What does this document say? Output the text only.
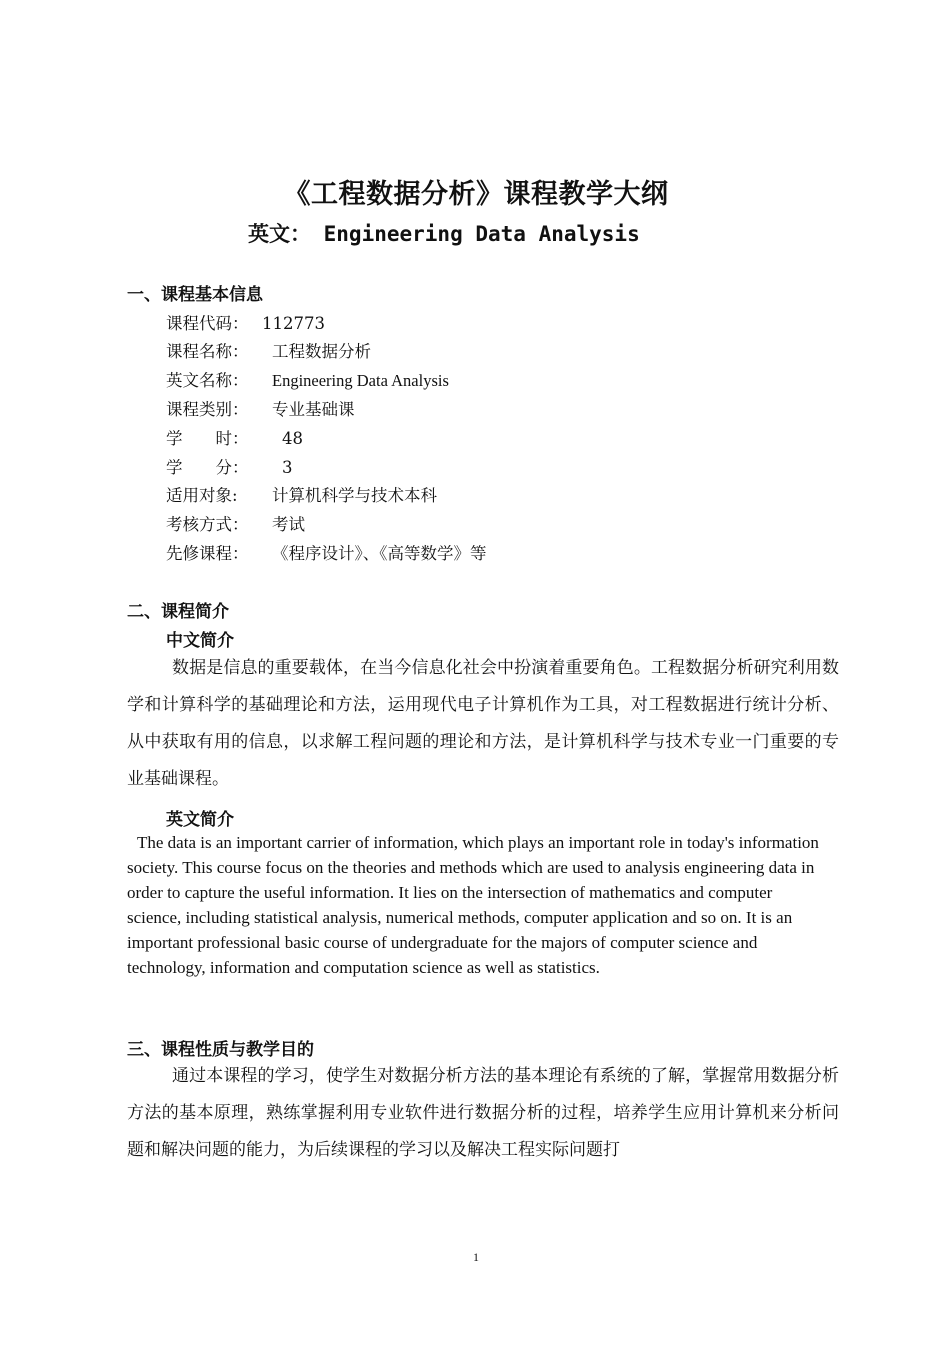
《工程数据分析》课程教学大纲
英文： Engineering Data Analysis
一、课程基本信息
课程代码： 112773
课程名称： 工程数据分析
英文名称： Engineering Data Analysis
课程类别： 专业基础课
学　　时： 48
学　　分： 3
适用对象: 计算机科学与技术本科
考核方式： 考试
先修课程： 《程序设计》、《高等数学》等
二、课程简介
中文简介
数据是信息的重要载体，在当今信息化社会中扮演着重要角色。工程数据分析研究利用数学和计算科学的基础理论和方法，运用现代电子计算机作为工具，对工程数据进行统计分析、从中获取有用的信息，以求解工程问题的理论和方法，是计算机科学与技术专业一门重要的专业基础课程。
英文简介
The data is an important carrier of information, which plays an important role in today's information society. This course focus on the theories and methods which are used to analysis engineering data in order to capture the useful information. It lies on the intersection of mathematics and computer science, including statistical analysis, numerical methods, computer application and so on. It is an important professional basic course of undergraduate for the majors of computer science and technology, information and computation science as well as statistics.
三、课程性质与教学目的
通过本课程的学习，使学生对数据分析方法的基本理论有系统的了解，掌握常用数据分析方法的基本原理，熟练掌握利用专业软件进行数据分析的过程，培养学生应用计算机来分析问题和解决问题的能力，为后续课程的学习以及解决工程实际问题打
1
